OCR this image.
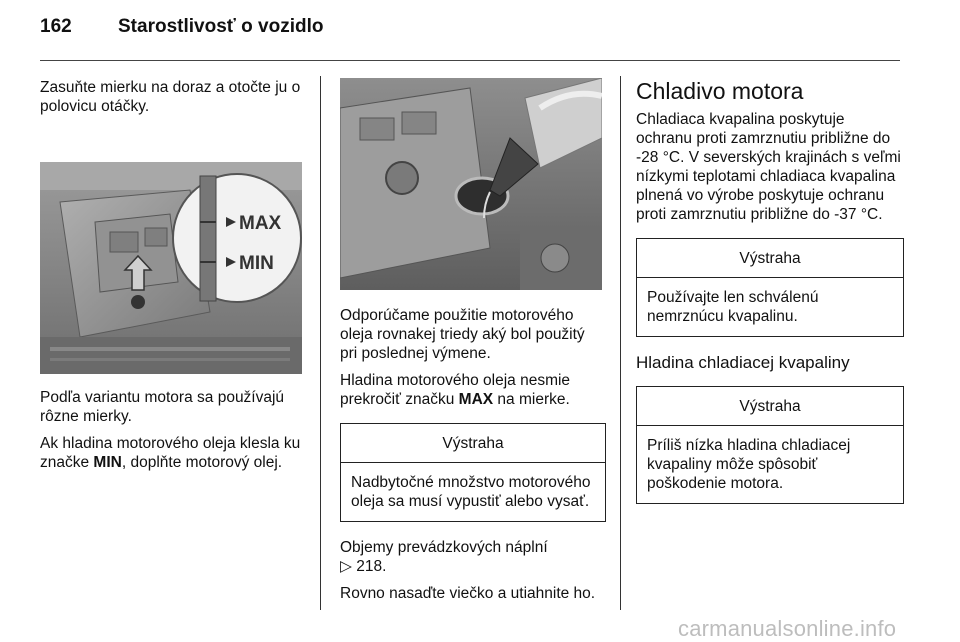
162 Starostlivosť o vozidlo

Zasuňte mierku na doraz a otočte ju o polovicu otáčky.

MAX
MIN

Podľa variantu motora sa používajú rôzne mierky.

Ak hladina motorového oleja klesla ku značke MIN, doplňte motorový olej.

Odporúčame použitie motorového oleja rovnakej triedy aký bol použitý pri poslednej výmene.

Hladina motorového oleja nesmie prekročiť značku MAX na mierke.

Výstraha
Nadbytočné množstvo motorového oleja sa musí vypustiť alebo vysať.

Objemy prevádzkových náplní
▷ 218.

Rovno nasaďte viečko a utiahnite ho.

Chladivo motora

Chladiaca kvapalina poskytuje ochranu proti zamrznutiu približne do -28 °C. V severských krajinách s veľmi nízkymi teplotami chladiaca kvapalina plnená vo výrobe poskytuje ochranu proti zamrznutiu približne do -37 °C.

Výstraha
Používajte len schválenú nemrznúcu kvapalinu.
Hladina chladiacej kvapaliny
Výstraha
Príliš nízka hladina chladiacej kvapaliny môže spôsobiť poškodenie motora.
carmanualsonline.info
